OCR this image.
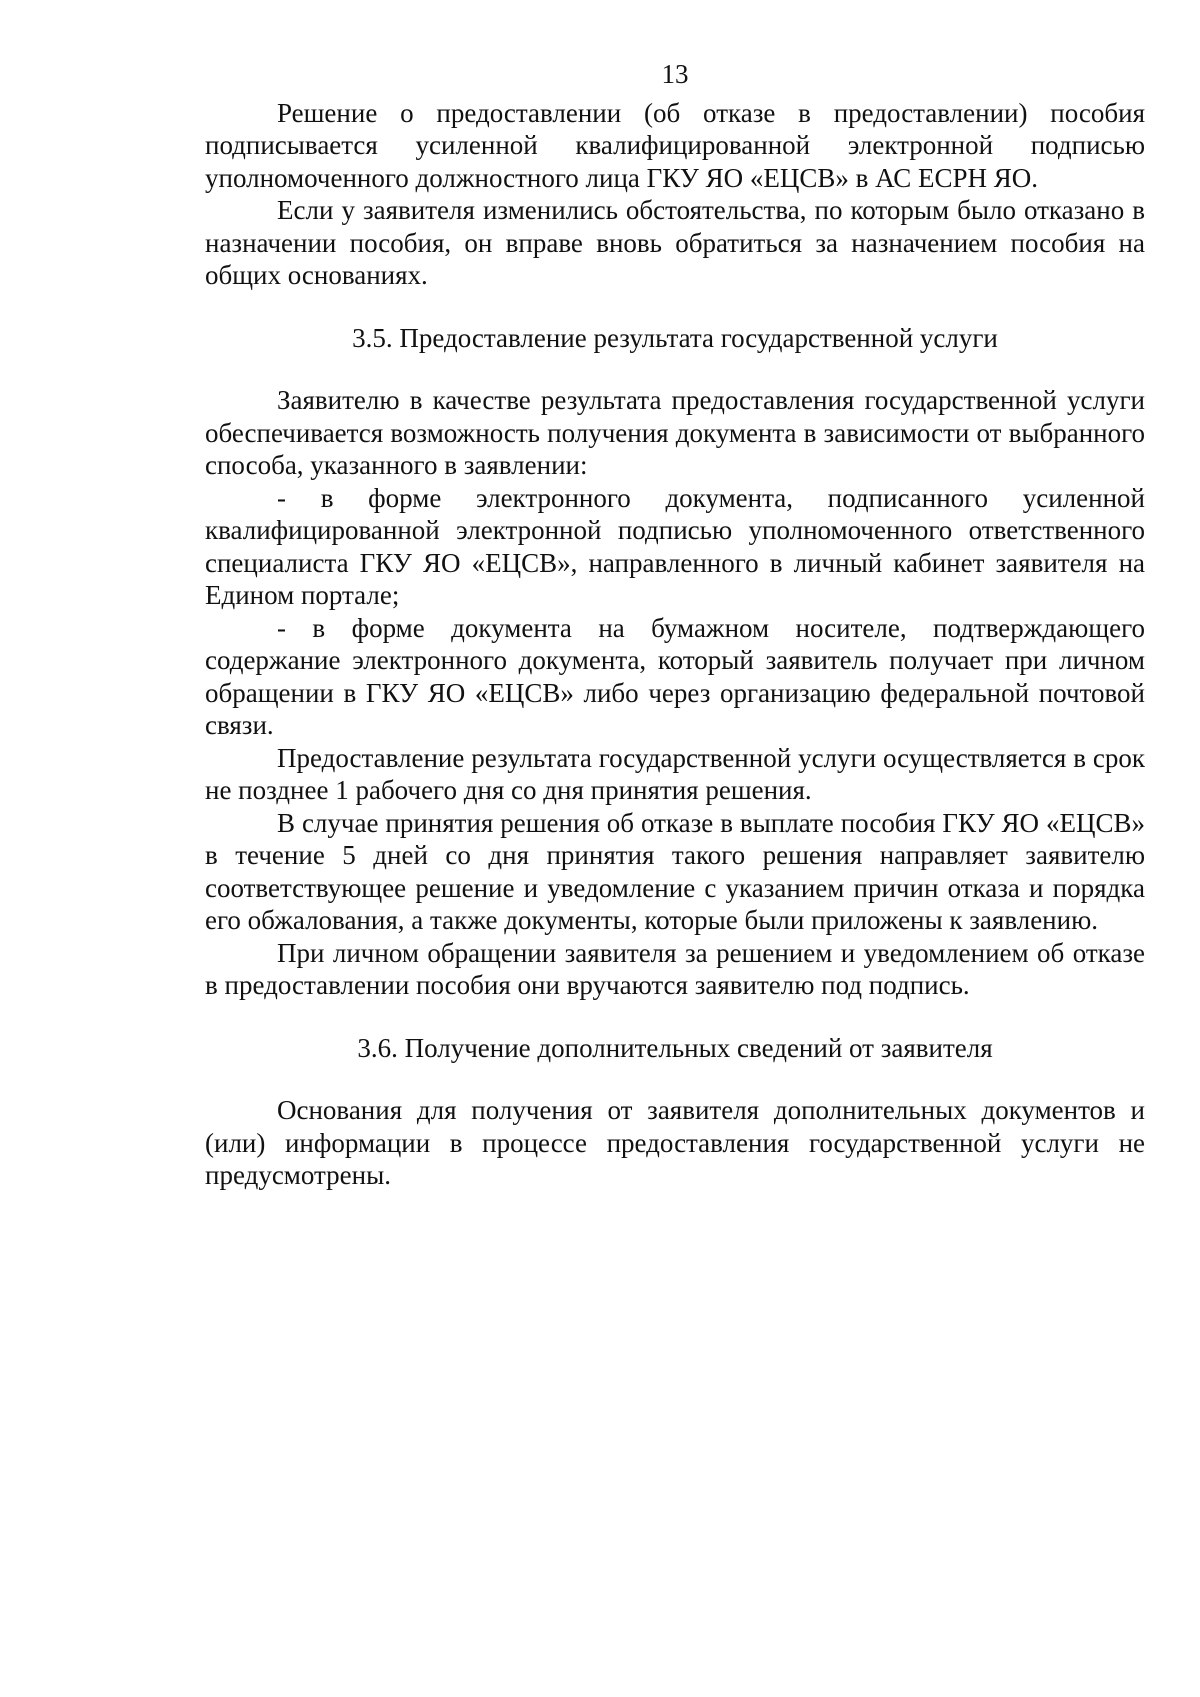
13

Решение о предоставлении (об отказе в предоставлении) пособия подписывается усиленной квалифицированной электронной подписью уполномоченного должностного лица ГКУ ЯО «ЕЦСВ» в АС ЕСРН ЯО.

Если у заявителя изменились обстоятельства, по которым было отказано в назначении пособия, он вправе вновь обратиться за назначением пособия на общих основаниях.

3.5. Предоставление результата государственной услуги

Заявителю в качестве результата предоставления государственной услуги обеспечивается возможность получения документа в зависимости от выбранного способа, указанного в заявлении:

- в форме электронного документа, подписанного усиленной квалифицированной электронной подписью уполномоченного ответственного специалиста ГКУ ЯО «ЕЦСВ», направленного в личный кабинет заявителя на Едином портале;

- в форме документа на бумажном носителе, подтверждающего содержание электронного документа, который заявитель получает при личном обращении в ГКУ ЯО «ЕЦСВ» либо через организацию федеральной почтовой связи.

Предоставление результата государственной услуги осуществляется в срок не позднее 1 рабочего дня со дня принятия решения.

В случае принятия решения об отказе в выплате пособия ГКУ ЯО «ЕЦСВ» в течение 5 дней со дня принятия такого решения направляет заявителю соответствующее решение и уведомление с указанием причин отказа и порядка его обжалования, а также документы, которые были приложены к заявлению.

При личном обращении заявителя за решением и уведомлением об отказе в предоставлении пособия они вручаются заявителю под подпись.

3.6. Получение дополнительных сведений от заявителя

Основания для получения от заявителя дополнительных документов и (или) информации в процессе предоставления государственной услуги не предусмотрены.
